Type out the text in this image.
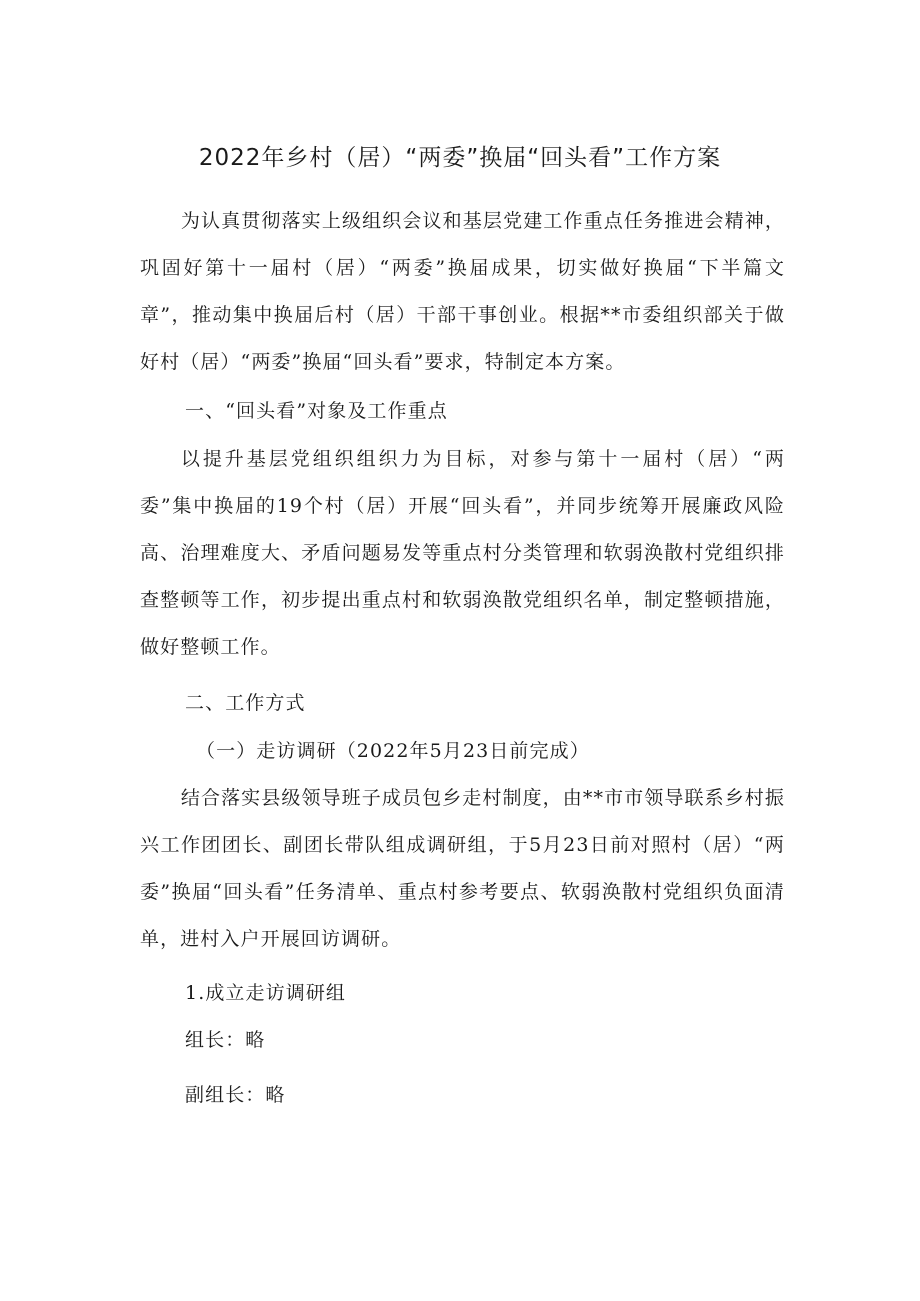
2022年乡村（居）“两委”换届“回头看”工作方案

为认真贯彻落实上级组织会议和基层党建工作重点任务推进会精神，巩固好第十一届村（居）“两委”换届成果，切实做好换届“下半篇文章”，推动集中换届后村（居）干部干事创业。根据**市委组织部关于做好村（居）“两委”换届“回头看”要求，特制定本方案。

一、“回头看”对象及工作重点

以提升基层党组织组织力为目标，对参与第十一届村（居）“两委”集中换届的19个村（居）开展“回头看”，并同步统筹开展廉政风险高、治理难度大、矛盾问题易发等重点村分类管理和软弱涣散村党组织排查整顿等工作，初步提出重点村和软弱涣散党组织名单，制定整顿措施，做好整顿工作。

二、工作方式

（一）走访调研（2022年5月23日前完成）

结合落实县级领导班子成员包乡走村制度，由**市市领导联系乡村振兴工作团团长、副团长带队组成调研组，于5月23日前对照村（居）“两委”换届“回头看”任务清单、重点村参考要点、软弱涣散村党组织负面清单，进村入户开展回访调研。

1.成立走访调研组

组长：略

副组长：略
